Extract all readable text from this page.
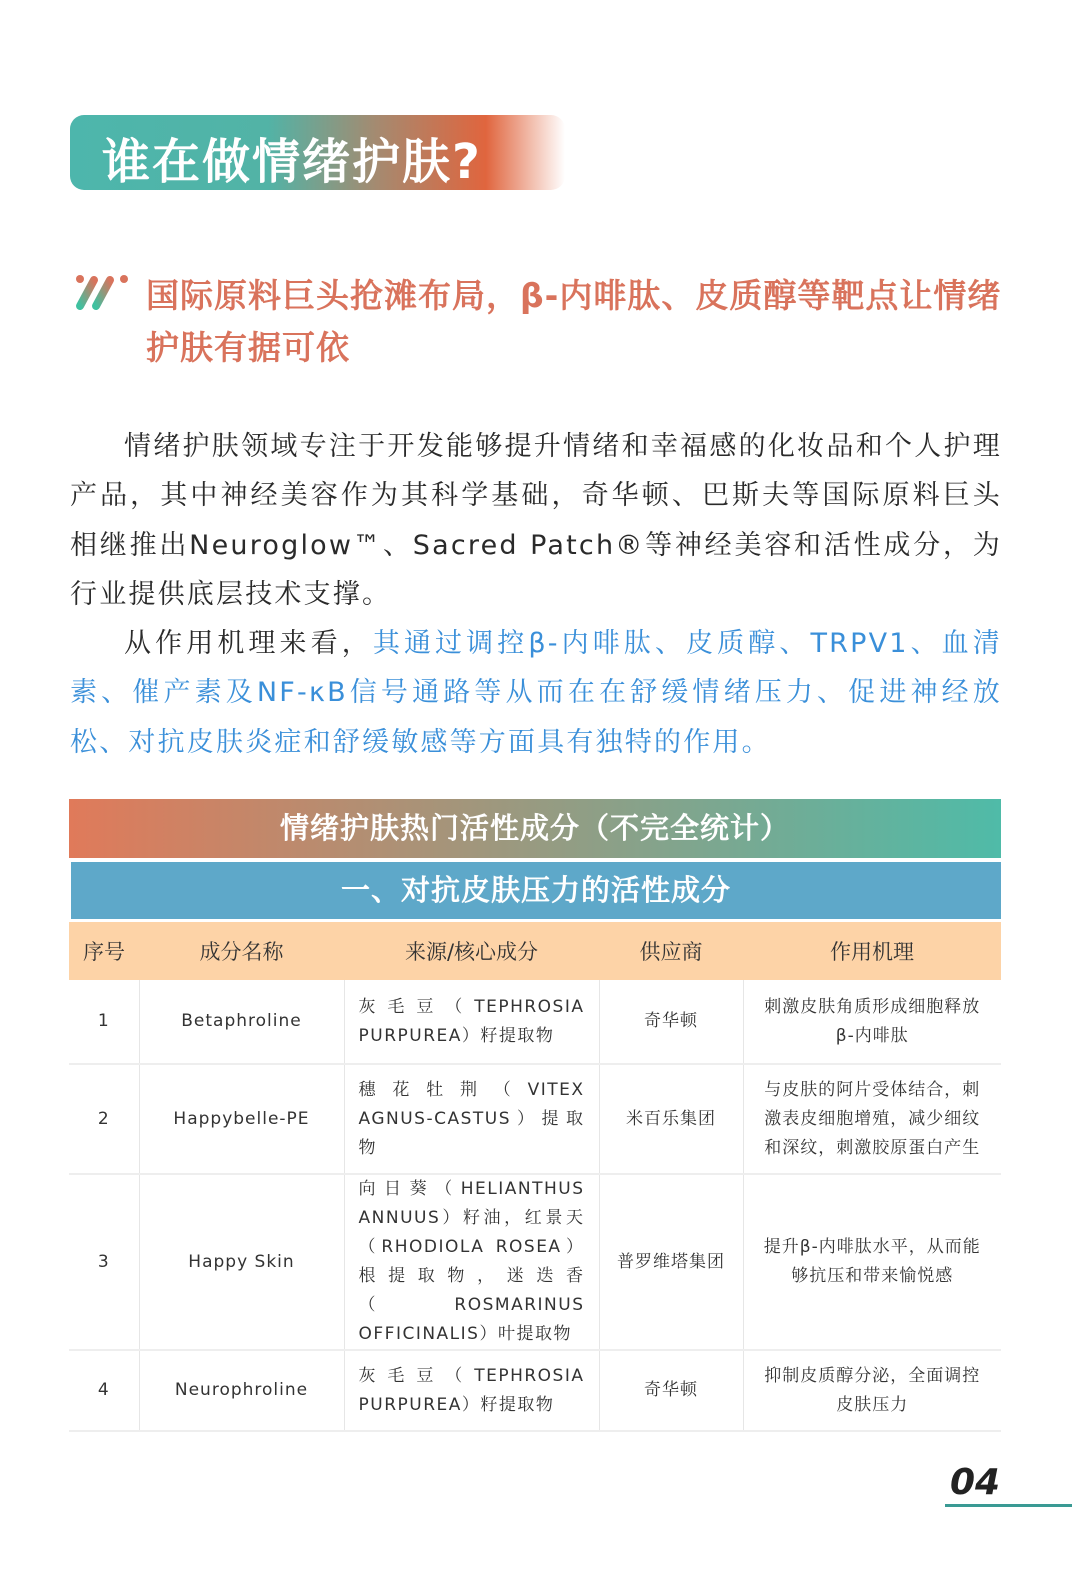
谁在做情绪护肤?
国际原料巨头抢滩布局，β-内啡肽、皮质醇等靶点让情绪护肤有据可依

情绪护肤领域专注于开发能够提升情绪和幸福感的化妆品和个人护理产品，其中神经美容作为其科学基础，奇华顿、巴斯夫等国际原料巨头相继推出Neuroglow™、Sacred Patch®等神经美容和活性成分，为行业提供底层技术支撑。

从作用机理来看，其通过调控β-内啡肽、皮质醇、TRPV1、血清素、催产素及NF-κB信号通路等从而在在舒缓情绪压力、促进神经放松、对抗皮肤炎症和舒缓敏感等方面具有独特的作用。

情绪护肤热门活性成分（不完全统计）
一、对抗皮肤压力的活性成分
序号	成分名称	来源/核心成分	供应商	作用机理
1	Betaphroline	灰毛豆（TEPHROSIA PURPUREA）籽提取物	奇华顿	刺激皮肤角质形成细胞释放β-内啡肽
2	Happybelle-PE	穗花牡荆（VITEX AGNUS-CASTUS）提取物	米百乐集团	与皮肤的阿片受体结合，刺激表皮细胞增殖，减少细纹和深纹，刺激胶原蛋白产生
3	Happy Skin	向日葵（HELIANTHUS ANNUUS）籽油，红景天（RHODIOLA ROSEA）根提取物，迷迭香（ROSMARINUS OFFICINALIS）叶提取物	普罗维塔集团	提升β-内啡肽水平，从而能够抗压和带来愉悦感
4	Neurophroline	灰毛豆（TEPHROSIA PURPUREA）籽提取物	奇华顿	抑制皮质醇分泌，全面调控皮肤压力
04
